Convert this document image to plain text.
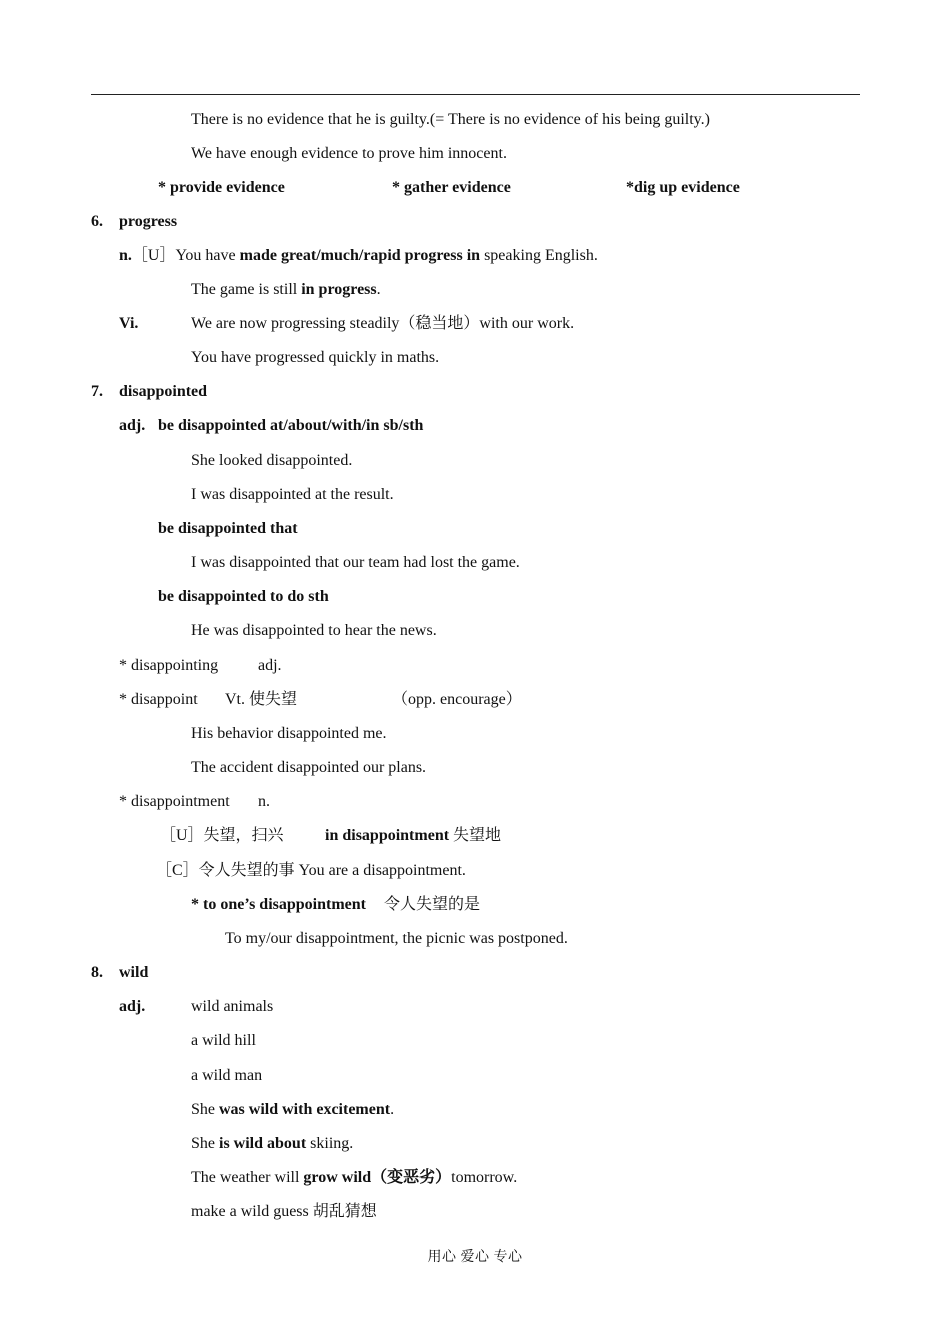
There is no evidence that he is guilty.(= There is no evidence of his being guilty.)
We have enough evidence to prove him innocent.
* provide evidence	* gather evidence	*dig up evidence
6. progress
n.［U］You have made great/much/rapid progress in speaking English.
The game is still in progress.
Vi.	We are now progressing steadily（稳当地）with our work.
You have progressed quickly in maths.
7. disappointed
adj. be disappointed at/about/with/in sb/sth
She looked disappointed.
I was disappointed at the result.
be disappointed that
I was disappointed that our team had lost the game.
be disappointed to do sth
He was disappointed to hear the news.
* disappointing adj.
* disappoint Vt. 使失望	（opp. encourage）
His behavior disappointed me.
The accident disappointed our plans.
* disappointment n.
［U］失望，扫兴	in disappointment 失望地
［C］令人失望的事 You are a disappointment.
* to one’s disappointment 令人失望的是
To my/our disappointment, the picnic was postponed.
8. wild
adj.	wild animals
a wild hill
a wild man
She was wild with excitement.
She is wild about skiing.
The weather will grow wild（变恶劣）tomorrow.
make a wild guess 胡乱猜想
用心 爱心 专心
